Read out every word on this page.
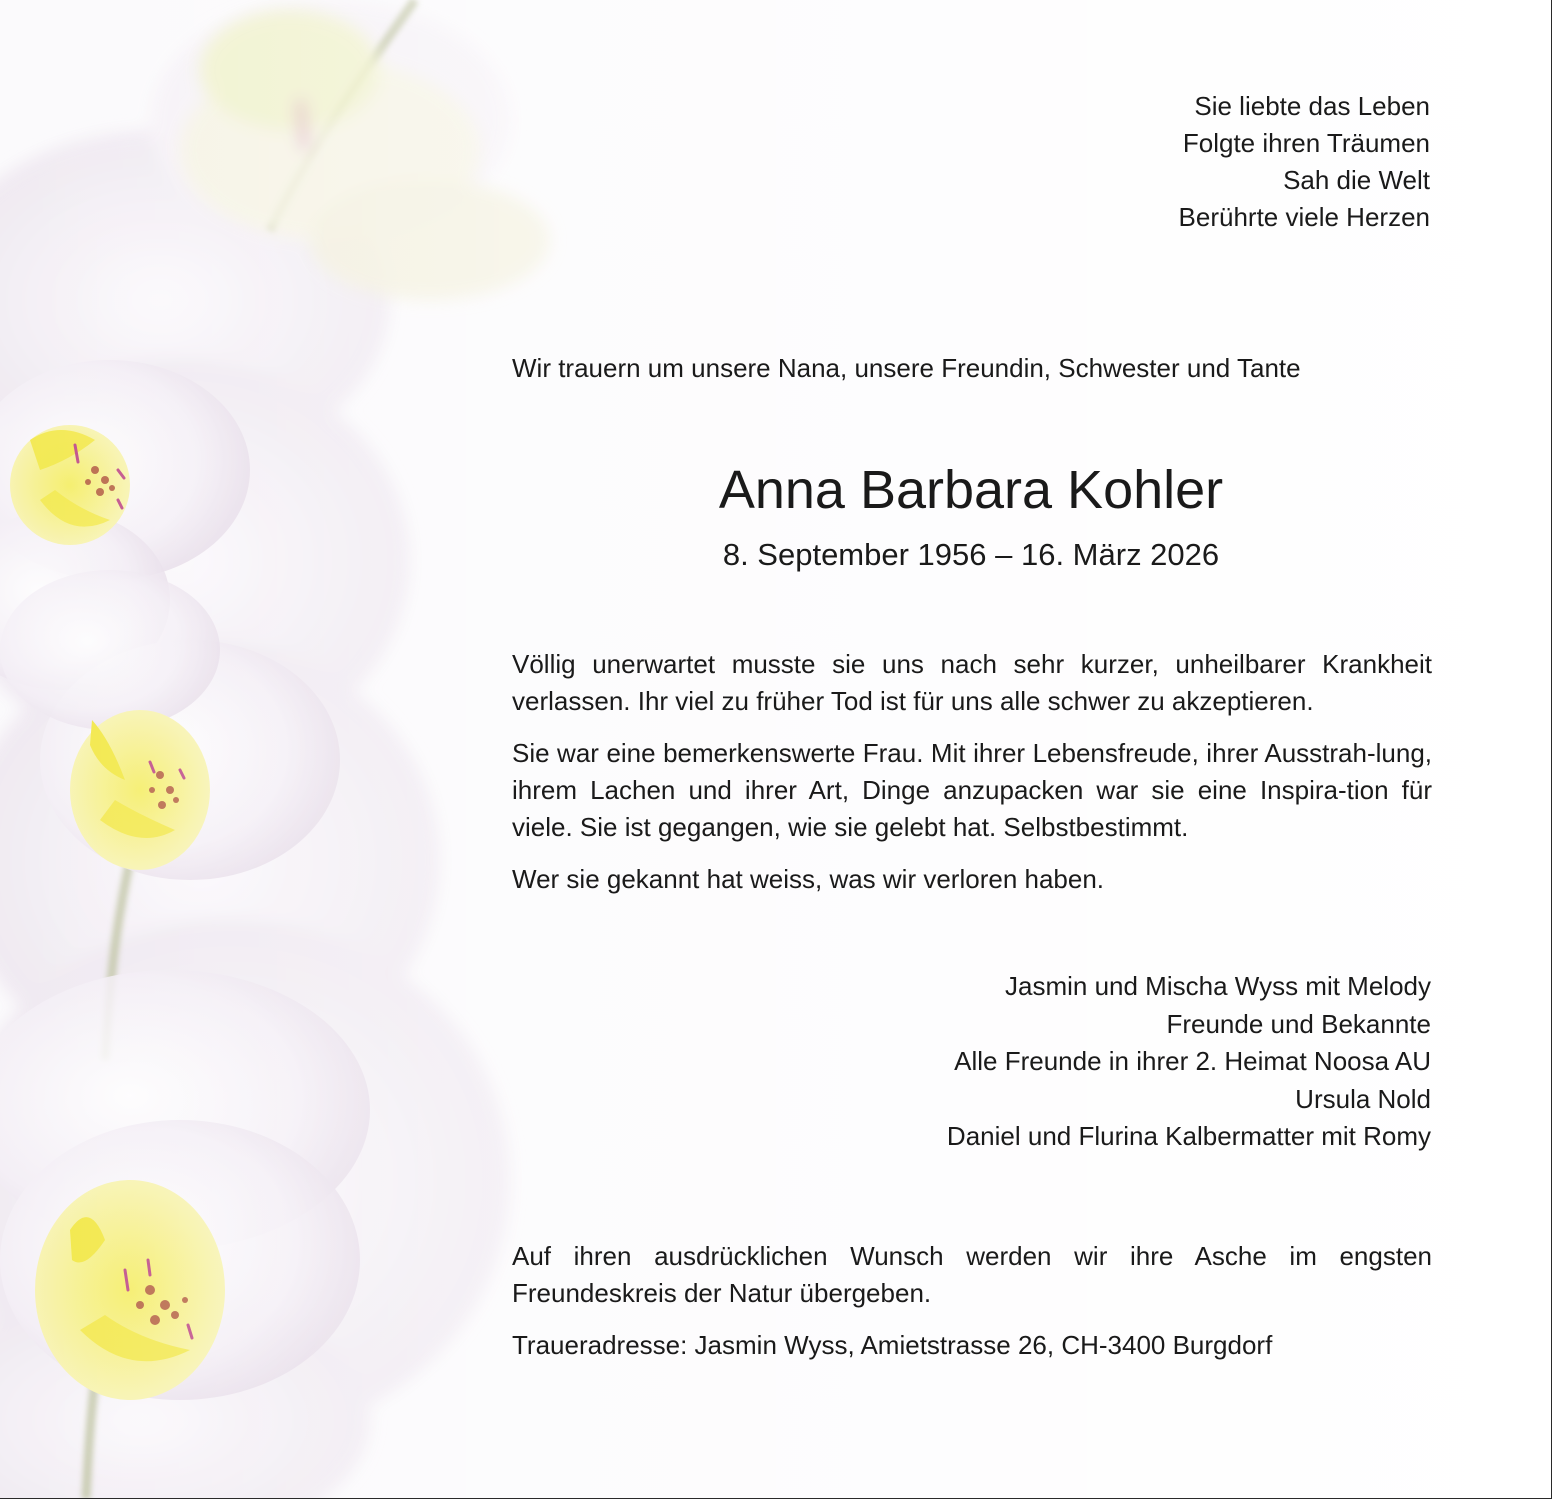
Sie liebte das Leben
Folgte ihren Träumen
Sah die Welt
Berührte viele Herzen
Wir trauern um unsere Nana, unsere Freundin, Schwester und Tante
Anna Barbara Kohler
8. September 1956 – 16. März 2026

Völlig unerwartet musste sie uns nach sehr kurzer, unheilbarer Krankheit verlassen. Ihr viel zu früher Tod ist für uns alle schwer zu akzeptieren.

Sie war eine bemerkenswerte Frau. Mit ihrer Lebensfreude, ihrer Ausstrah-lung, ihrem Lachen und ihrer Art, Dinge anzupacken war sie eine Inspira-tion für viele. Sie ist gegangen, wie sie gelebt hat. Selbstbestimmt.

Wer sie gekannt hat weiss, was wir verloren haben.

Jasmin und Mischa Wyss mit Melody
Freunde und Bekannte
Alle Freunde in ihrer 2. Heimat Noosa AU
Ursula Nold
Daniel und Flurina Kalbermatter mit Romy

Auf ihren ausdrücklichen Wunsch werden wir ihre Asche im engsten Freundeskreis der Natur übergeben.

Traueradresse: Jasmin Wyss, Amietstrasse 26, CH-3400 Burgdorf
